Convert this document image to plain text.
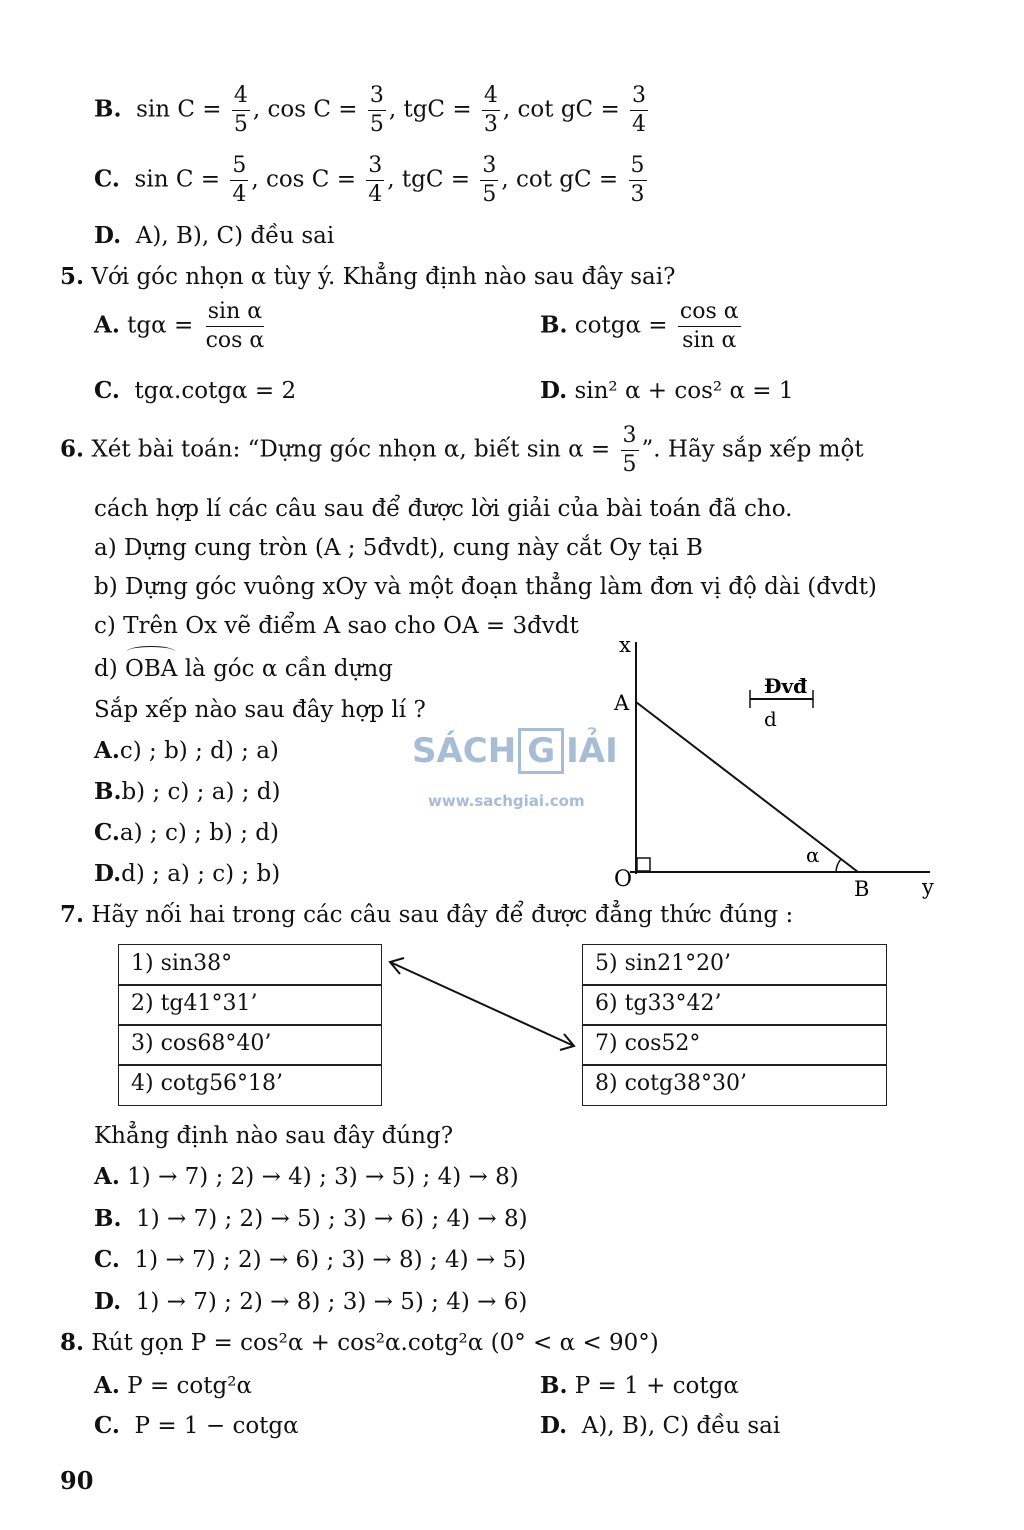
B. $\sin C = \frac{4}{5}$ , $\cos C = \frac{3}{5}$ , tgC = $\frac{4}{3}$ , cot gC = $\frac{3}{4}$
C. $\sin C = \frac{5}{4}$ , $\cos C = \frac{3}{4}$ , tgC = $\frac{3}{5}$ , cot gC = $\frac{5}{3}$
D. A), B), C) đều sai
5. Với góc nhọn α tùy ý. Khẳng định nào sau đây sai?
A. $tg\alpha = \frac{\text{sin α}}{\text{cos α}}$	B. $\cot g\alpha = \frac{\text{cos α}}{\text{sin α}}$
C. tgα.cotgα = 2	D. sin² α + cos² α = 1
6. Xét bài toán: “Dựng góc nhọn α, biết $\sin \alpha = \frac{3}{5}$ ”. Hãy sắp xếp một
cách hợp lí các câu sau để được lời giải của bài toán đã cho.
a) Dựng cung tròn (A ; 5đvdt), cung này cắt Oy tại B
b) Dựng góc vuông xOy và một đoạn thẳng làm đơn vị độ dài (đvdt)
c) Trên Ox vẽ điểm A sao cho OA = 3đvdt
d) OBA là góc α cần dựng
Sắp xếp nào sau đây hợp lí ?
A.c) ; b) ; d) ; a)
B.b) ; c) ; a) ; d)
C.a) ; c) ; b) ; d)
D.d) ; a) ; c) ; b)
x
A
O	B	y
α
Đvđ
d
SÁCH G IẢI
www.sachgiai.com
7. Hãy nối hai trong các câu sau đây để được đẳng thức đúng :
1) sin38°
2) tg41°31’
3) cos68°40’
4) cotg56°18’
5) sin21°20’
6) tg33°42’
7) cos52°
8) cotg38°30’
Khẳng định nào sau đây đúng?
A. 1) → 7) ; 2) → 4) ; 3) → 5) ; 4) → 8)
B. 1) → 7) ; 2) → 5) ; 3) → 6) ; 4) → 8)
C. 1) → 7) ; 2) → 6) ; 3) → 8) ; 4) → 5)
D. 1) → 7) ; 2) → 8) ; 3) → 5) ; 4) → 6)
8. Rút gọn P = cos²α + cos²α.cotg²α (0° < α < 90°)
A. P = cotg²α	B. P = 1 + cotgα
C. P = 1 − cotgα	D. A), B), C) đều sai
90
